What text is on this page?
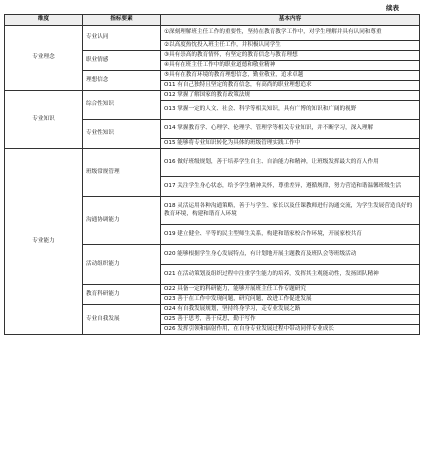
续表
维度	指标要素	基本内容
专业理念	专业认同	①深刻理解班主任工作的重要性，坚持在教育教学工作中，对学生理解并具有认同和尊重
		②以高度热忱投入班主任工作，并积极认同学生
	职业情感	③具有崇高的教育情怀，有坚定的教育信念与教育理想
		④具有在班主任工作中的职业道德和敬业精神
	理想信念	⑤具有在教育环境的教育理想信念，勤业敬业，追求卓越
		O11 有自己独特且坚定的教育信念，有高尚的职业理想追求
专业知识	综合性知识	O12 掌握了解国家的教育政策法规
		O13 掌握一定的人文、社会、科学等相关知识，具有广博的知识和广阔的视野
	专业性知识	O14 掌握教育学、心理学、伦理学、管理学等相关专业知识，并不断学习，深入理解
		O15 能够将专业知识转化为具体的班级管理实践工作中
专业能力	班级常规管理	O16 做好班级规划，善于培养学生自主、自治能力和精神，让班级发挥最大的育人作用
		O17 关注学生身心状态，给予学生精神关怀，尊重差异，遵循规律，努力营造和谐温馨班级生活
	沟通协调能力	O18 灵活运用各种沟通策略，善于与学生、家长以及任课教师进行沟通交流，为学生发展营造良好的教育环境，构建和谐育人环境
		O19 建立健全、平等的民主型师生关系，构建和谐家校合作环境，开展家校共育
	活动组织能力	O20 能够根据学生身心发展特点，有计划地开展主题教育及班队会等班级活动
		O21 在活动策划及组织过程中注重学生能力的培养，发挥其主观能动性，发扬团队精神
	教育科研能力	O22 具备一定的科研能力，能够开展班主任工作专题研究
		O23 善于在工作中发现问题，研究问题，改进工作促进发展
	专业自我发展	O24 有自我发展规划，坚持终身学习，走专业发展之路
		O25 善于思考，善于反思，勤于写作
		O26 发挥引领和辐射作用，在自身专业发展过程中带动同伴专业成长
